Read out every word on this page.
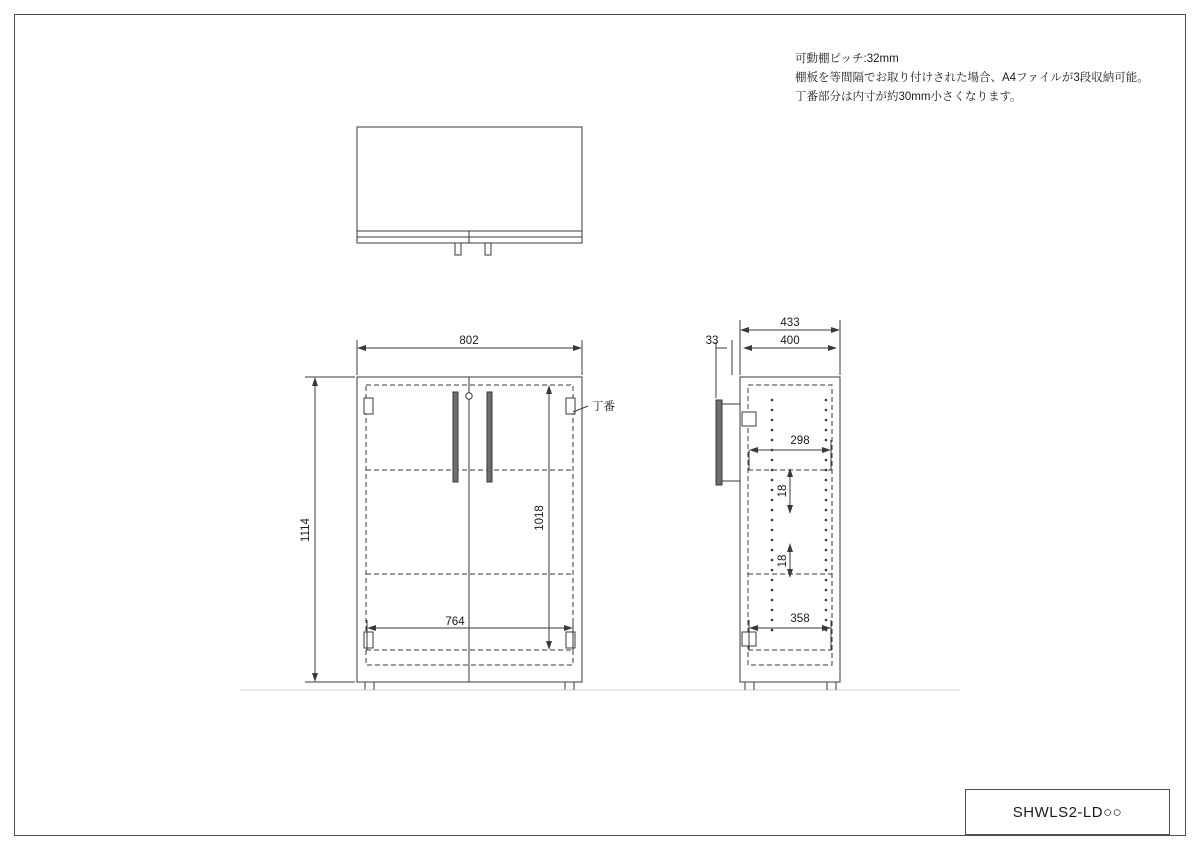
可動棚ピッチ:32mm
棚板を等間隔でお取り付けされた場合、A4ファイルが3段収納可能。
丁番部分は内寸が約30mm小さくなります。
802
1114	1018
764
丁番
433
400
33
298
18
18
358
SHWLS2-LD○○
